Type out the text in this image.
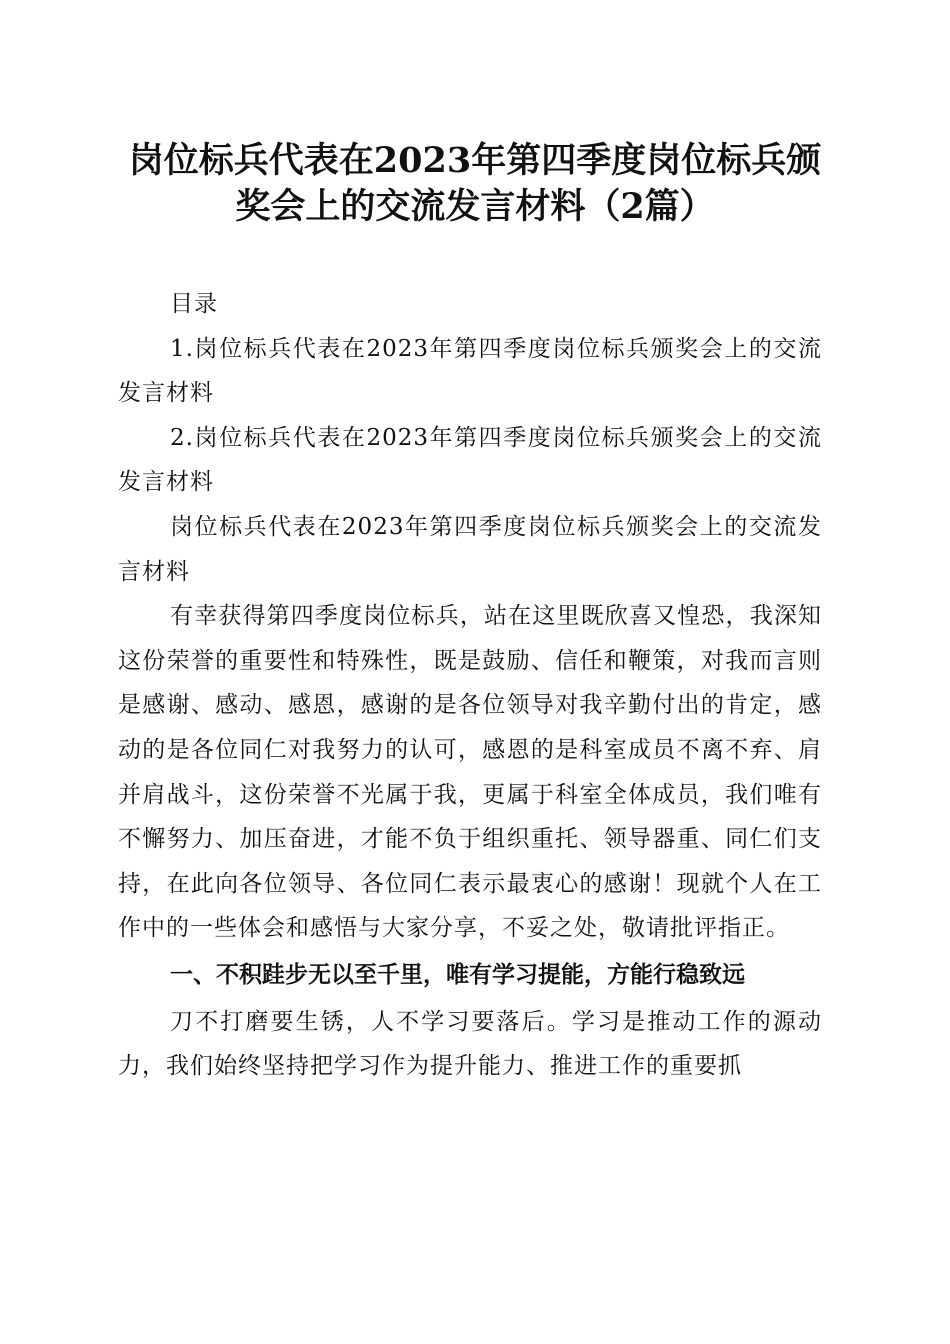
岗位标兵代表在2023年第四季度岗位标兵颁
奖会上的交流发言材料（2篇）

目录

1.岗位标兵代表在2023年第四季度岗位标兵颁奖会上的交流发言材料

2.岗位标兵代表在2023年第四季度岗位标兵颁奖会上的交流发言材料

岗位标兵代表在2023年第四季度岗位标兵颁奖会上的交流发言材料

有幸获得第四季度岗位标兵，站在这里既欣喜又惶恐，我深知这份荣誉的重要性和特殊性，既是鼓励、信任和鞭策，对我而言则是感谢、感动、感恩，感谢的是各位领导对我辛勤付出的肯定，感动的是各位同仁对我努力的认可，感恩的是科室成员不离不弃、肩并肩战斗，这份荣誉不光属于我，更属于科室全体成员，我们唯有不懈努力、加压奋进，才能不负于组织重托、领导器重、同仁们支持，在此向各位领导、各位同仁表示最衷心的感谢！现就个人在工作中的一些体会和感悟与大家分享，不妥之处，敬请批评指正。

一、不积跬步无以至千里，唯有学习提能，方能行稳致远

刀不打磨要生锈，人不学习要落后。学习是推动工作的源动力，我们始终坚持把学习作为提升能力、推进工作的重要抓
